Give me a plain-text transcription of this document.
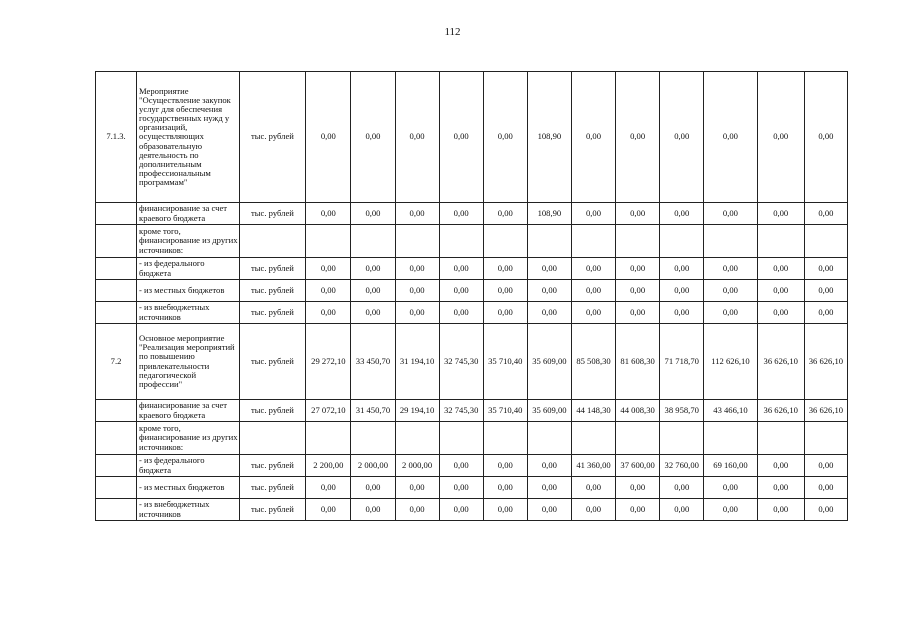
112
7.1.3.	Мероприятие "Осуществление закупок услуг для обеспечения государственных нужд у организаций, осуществляющих образовательную деятельность по дополнительным профессиональным программам"	тыс. рублей	0,00	0,00	0,00	0,00	0,00	108,90	0,00	0,00	0,00	0,00	0,00	0,00
	финансирование за счет краевого бюджета	тыс. рублей	0,00	0,00	0,00	0,00	0,00	108,90	0,00	0,00	0,00	0,00	0,00	0,00
	кроме того, финансирование из других источников:													
	- из федерального бюджета	тыс. рублей	0,00	0,00	0,00	0,00	0,00	0,00	0,00	0,00	0,00	0,00	0,00	0,00
	- из местных бюджетов	тыс. рублей	0,00	0,00	0,00	0,00	0,00	0,00	0,00	0,00	0,00	0,00	0,00	0,00
	- из внебюджетных источников	тыс. рублей	0,00	0,00	0,00	0,00	0,00	0,00	0,00	0,00	0,00	0,00	0,00	0,00
7.2	Основное мероприятие "Реализация мероприятий по повышению привлекательности педагогической профессии"	тыс. рублей	29 272,10	33 450,70	31 194,10	32 745,30	35 710,40	35 609,00	85 508,30	81 608,30	71 718,70	112 626,10	36 626,10	36 626,10
	финансирование за счет краевого бюджета	тыс. рублей	27 072,10	31 450,70	29 194,10	32 745,30	35 710,40	35 609,00	44 148,30	44 008,30	38 958,70	43 466,10	36 626,10	36 626,10
	кроме того, финансирование из других источников:													
	- из федерального бюджета	тыс. рублей	2 200,00	2 000,00	2 000,00	0,00	0,00	0,00	41 360,00	37 600,00	32 760,00	69 160,00	0,00	0,00
	- из местных бюджетов	тыс. рублей	0,00	0,00	0,00	0,00	0,00	0,00	0,00	0,00	0,00	0,00	0,00	0,00
	- из внебюджетных источников	тыс. рублей	0,00	0,00	0,00	0,00	0,00	0,00	0,00	0,00	0,00	0,00	0,00	0,00
